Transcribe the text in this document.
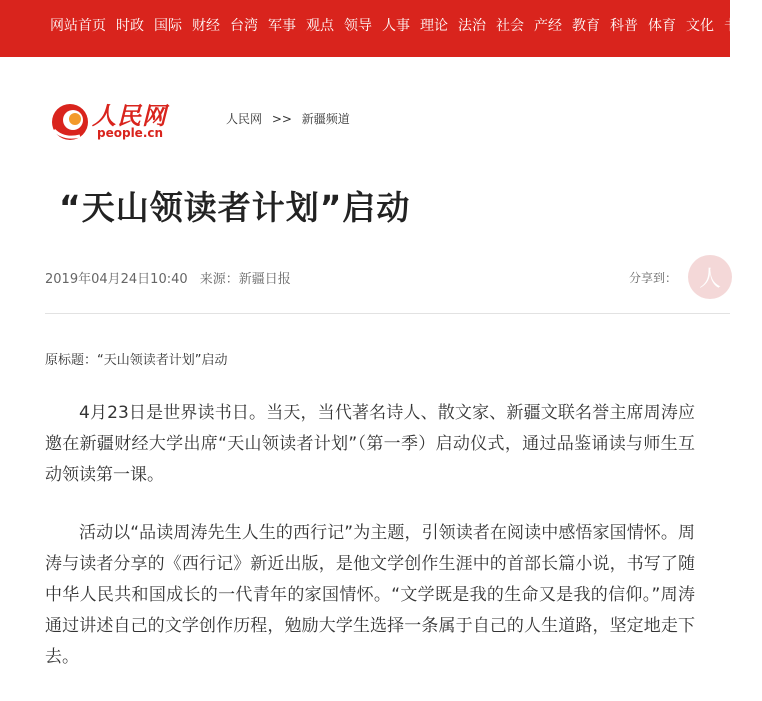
网站首页 时政 国际 财经 台湾 军事 观点 领导 人事 理论 法治 社会 产经 教育 科普 体育 文化 书画
人民网
people.cn
人民网 >> 新疆频道
“天山领读者计划”启动
2019年04月24日10:40 来源：新疆日报	分享到： 人
原标题：“天山领读者计划”启动

4月23日是世界读书日。当天，当代著名诗人、散文家、新疆文联名誉主席周涛应邀在新疆财经大学出席“天山领读者计划”（第一季）启动仪式，通过品鉴诵读与师生互动领读第一课。

活动以“品读周涛先生人生的西行记”为主题，引领读者在阅读中感悟家国情怀。周涛与读者分享的《西行记》新近出版，是他文学创作生涯中的首部长篇小说，书写了随中华人民共和国成长的一代青年的家国情怀。“文学既是我的生命又是我的信仰。”周涛通过讲述自己的文学创作历程，勉励大学生选择一条属于自己的人生道路，坚定地走下去。
